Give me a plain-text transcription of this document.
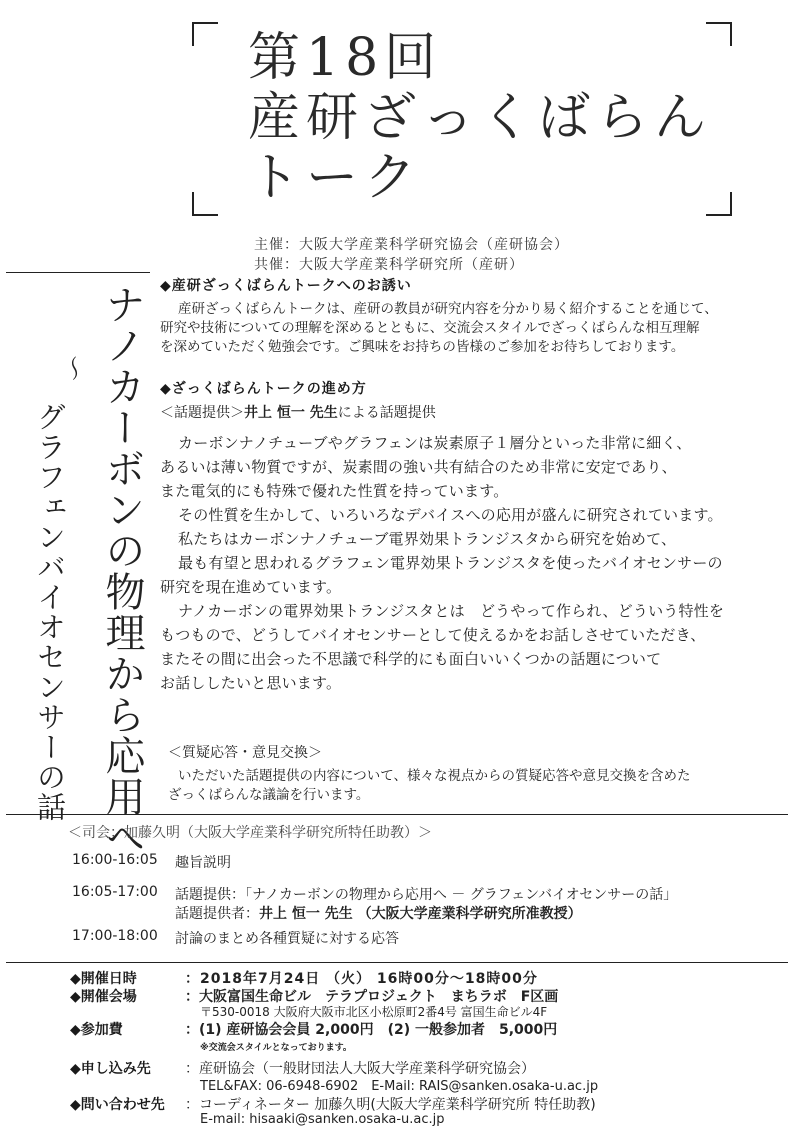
第18回
産研ざっくばらん
トーク
主催：大阪大学産業科学研究協会（産研協会）
共催：大阪大学産業科学研究所（産研）
ナノカーボンの物理から応用へ
～
グラフェンバイオセンサーの話
◆産研ざっくばらんトークへのお誘い
産研ざっくばらんトークは、産研の教員が研究内容を分かり易く紹介することを通じて、
研究や技術についての理解を深めるとともに、交流会スタイルでざっくばらんな相互理解
を深めていただく勉強会です。ご興味をお持ちの皆様のご参加をお待ちしております。
◆ざっくばらんトークの進め方
＜話題提供＞井上 恒一 先生による話題提供
カーボンナノチューブやグラフェンは炭素原子１層分といった非常に細く、
あるいは薄い物質ですが、炭素間の強い共有結合のため非常に安定であり、
また電気的にも特殊で優れた性質を持っています。
その性質を生かして、いろいろなデバイスへの応用が盛んに研究されています。
私たちはカーボンナノチューブ電界効果トランジスタから研究を始めて、
最も有望と思われるグラフェン電界効果トランジスタを使ったバイオセンサーの
研究を現在進めています。
ナノカーボンの電界効果トランジスタとは　どうやって作られ、どういう特性を
もつもので、どうしてバイオセンサーとして使えるかをお話しさせていただき、
またその間に出会った不思議で科学的にも面白いいくつかの話題について
お話ししたいと思います。
＜質疑応答・意見交換＞
いただいた話題提供の内容について、様々な視点からの質疑応答や意見交換を含めた
ざっくばらんな議論を行います。
＜司会：加藤久明（大阪大学産業科学研究所特任助教）＞
16:00-16:05 趣旨説明
16:05-17:00 話題提供：「ナノカーボンの物理から応用へ － グラフェンバイオセンサーの話」
話題提供者：井上 恒一 先生 （大阪大学産業科学研究所准教授）
17:00-18:00 討論のまとめ各種質疑に対する応答
◆開催日時	：2018年7月24日 （火） 16時00分～18時00分
◆開催会場	：大阪富国生命ビル　テラプロジェクト　まちラボ　F区画
〒530-0018 大阪府大阪市北区小松原町2番4号 富国生命ビル4F
◆参加費	：(1) 産研協会会員 2,000円　(2) 一般参加者　5,000円
※交流会スタイルとなっております。
◆申し込み先 ：産研協会（一般財団法人大阪大学産業科学研究協会）
TEL&FAX: 06-6948-6902　E-Mail: RAIS@sanken.osaka-u.ac.jp
◆問い合わせ先 ：コーディネーター 加藤久明(大阪大学産業科学研究所 特任助教)
E-mail: hisaaki@sanken.osaka-u.ac.jp
